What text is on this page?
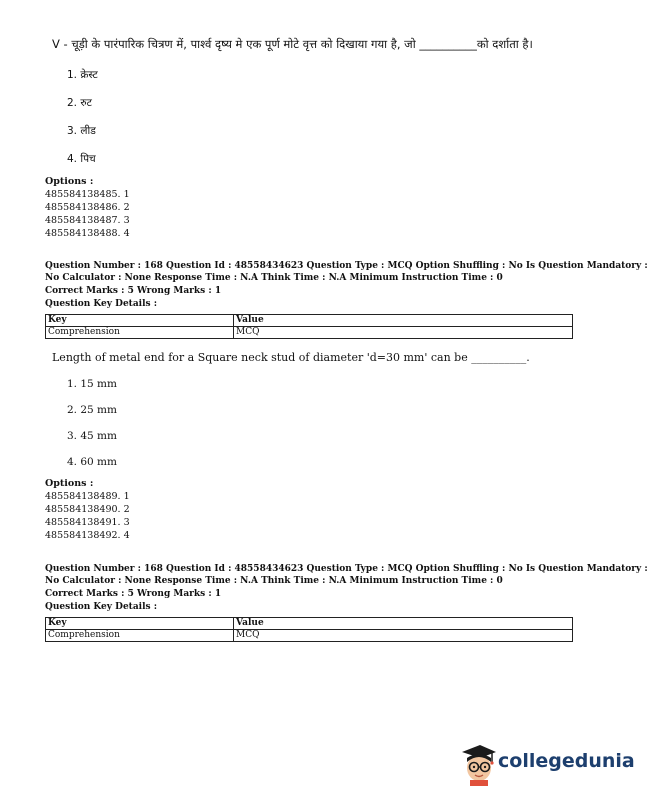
V - चूड़ी के पारंपारिक चित्रण में, पार्श्व दृष्य मे एक पूर्ण मोटे वृत्त को दिखाया गया है, जो __________को दर्शाता है।
1. क्रेस्ट
2. रुट
3. लीड
4. पिच
Options :
485584138485. 1
485584138486. 2
485584138487. 3
485584138488. 4
Question Number : 168 Question Id : 48558434623 Question Type : MCQ Option Shuffling : No Is Question Mandatory :
No Calculator : None Response Time : N.A Think Time : N.A Minimum Instruction Time : 0
Correct Marks : 5 Wrong Marks : 1
Question Key Details :
Key	Value
Comprehension	MCQ
Length of metal end for a Square neck stud of diameter 'd=30 mm' can be __________.
1. 15 mm
2. 25 mm
3. 45 mm
4. 60 mm
Options :
485584138489. 1
485584138490. 2
485584138491. 3
485584138492. 4
Question Number : 168 Question Id : 48558434623 Question Type : MCQ Option Shuffling : No Is Question Mandatory :
No Calculator : None Response Time : N.A Think Time : N.A Minimum Instruction Time : 0
Correct Marks : 5 Wrong Marks : 1
Question Key Details :
Key	Value
Comprehension	MCQ
collegedunia
